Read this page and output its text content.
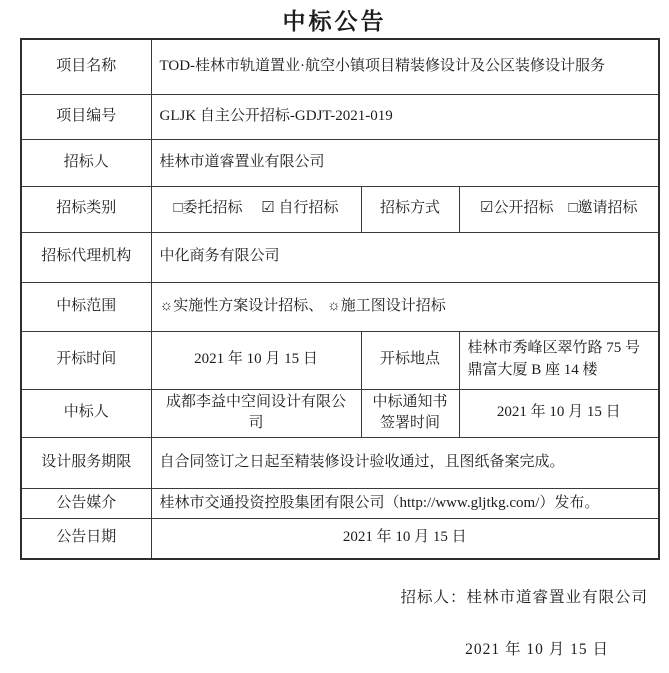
中标公告
项目名称	TOD-桂林市轨道置业·航空小镇项目精装修设计及公区装修设计服务		
项目编号	GLJK 自主公开招标-GDJT-2021-019		
招标人	桂林市道睿置业有限公司		
招标类别	□委托招标　 ☑ 自行招标	招标方式	☑公开招标　□邀请招标
招标代理机构	中化商务有限公司		
中标范围	☼实施性方案设计招标、 ☼施工图设计招标		
开标时间	2021 年 10 月 15 日	开标地点	桂林市秀峰区翠竹路 75 号鼎富大厦 B 座 14 楼
中标人	成都李益中空间设计有限公司	中标通知书签署时间	2021 年 10 月 15 日
设计服务期限	自合同签订之日起至精装修设计验收通过，且图纸备案完成。		
公告媒介	桂林市交通投资控股集团有限公司（http://www.gljtkg.com/）发布。		
公告日期	2021 年 10 月 15 日		
招标人：桂林市道睿置业有限公司
2021 年 10 月 15 日
